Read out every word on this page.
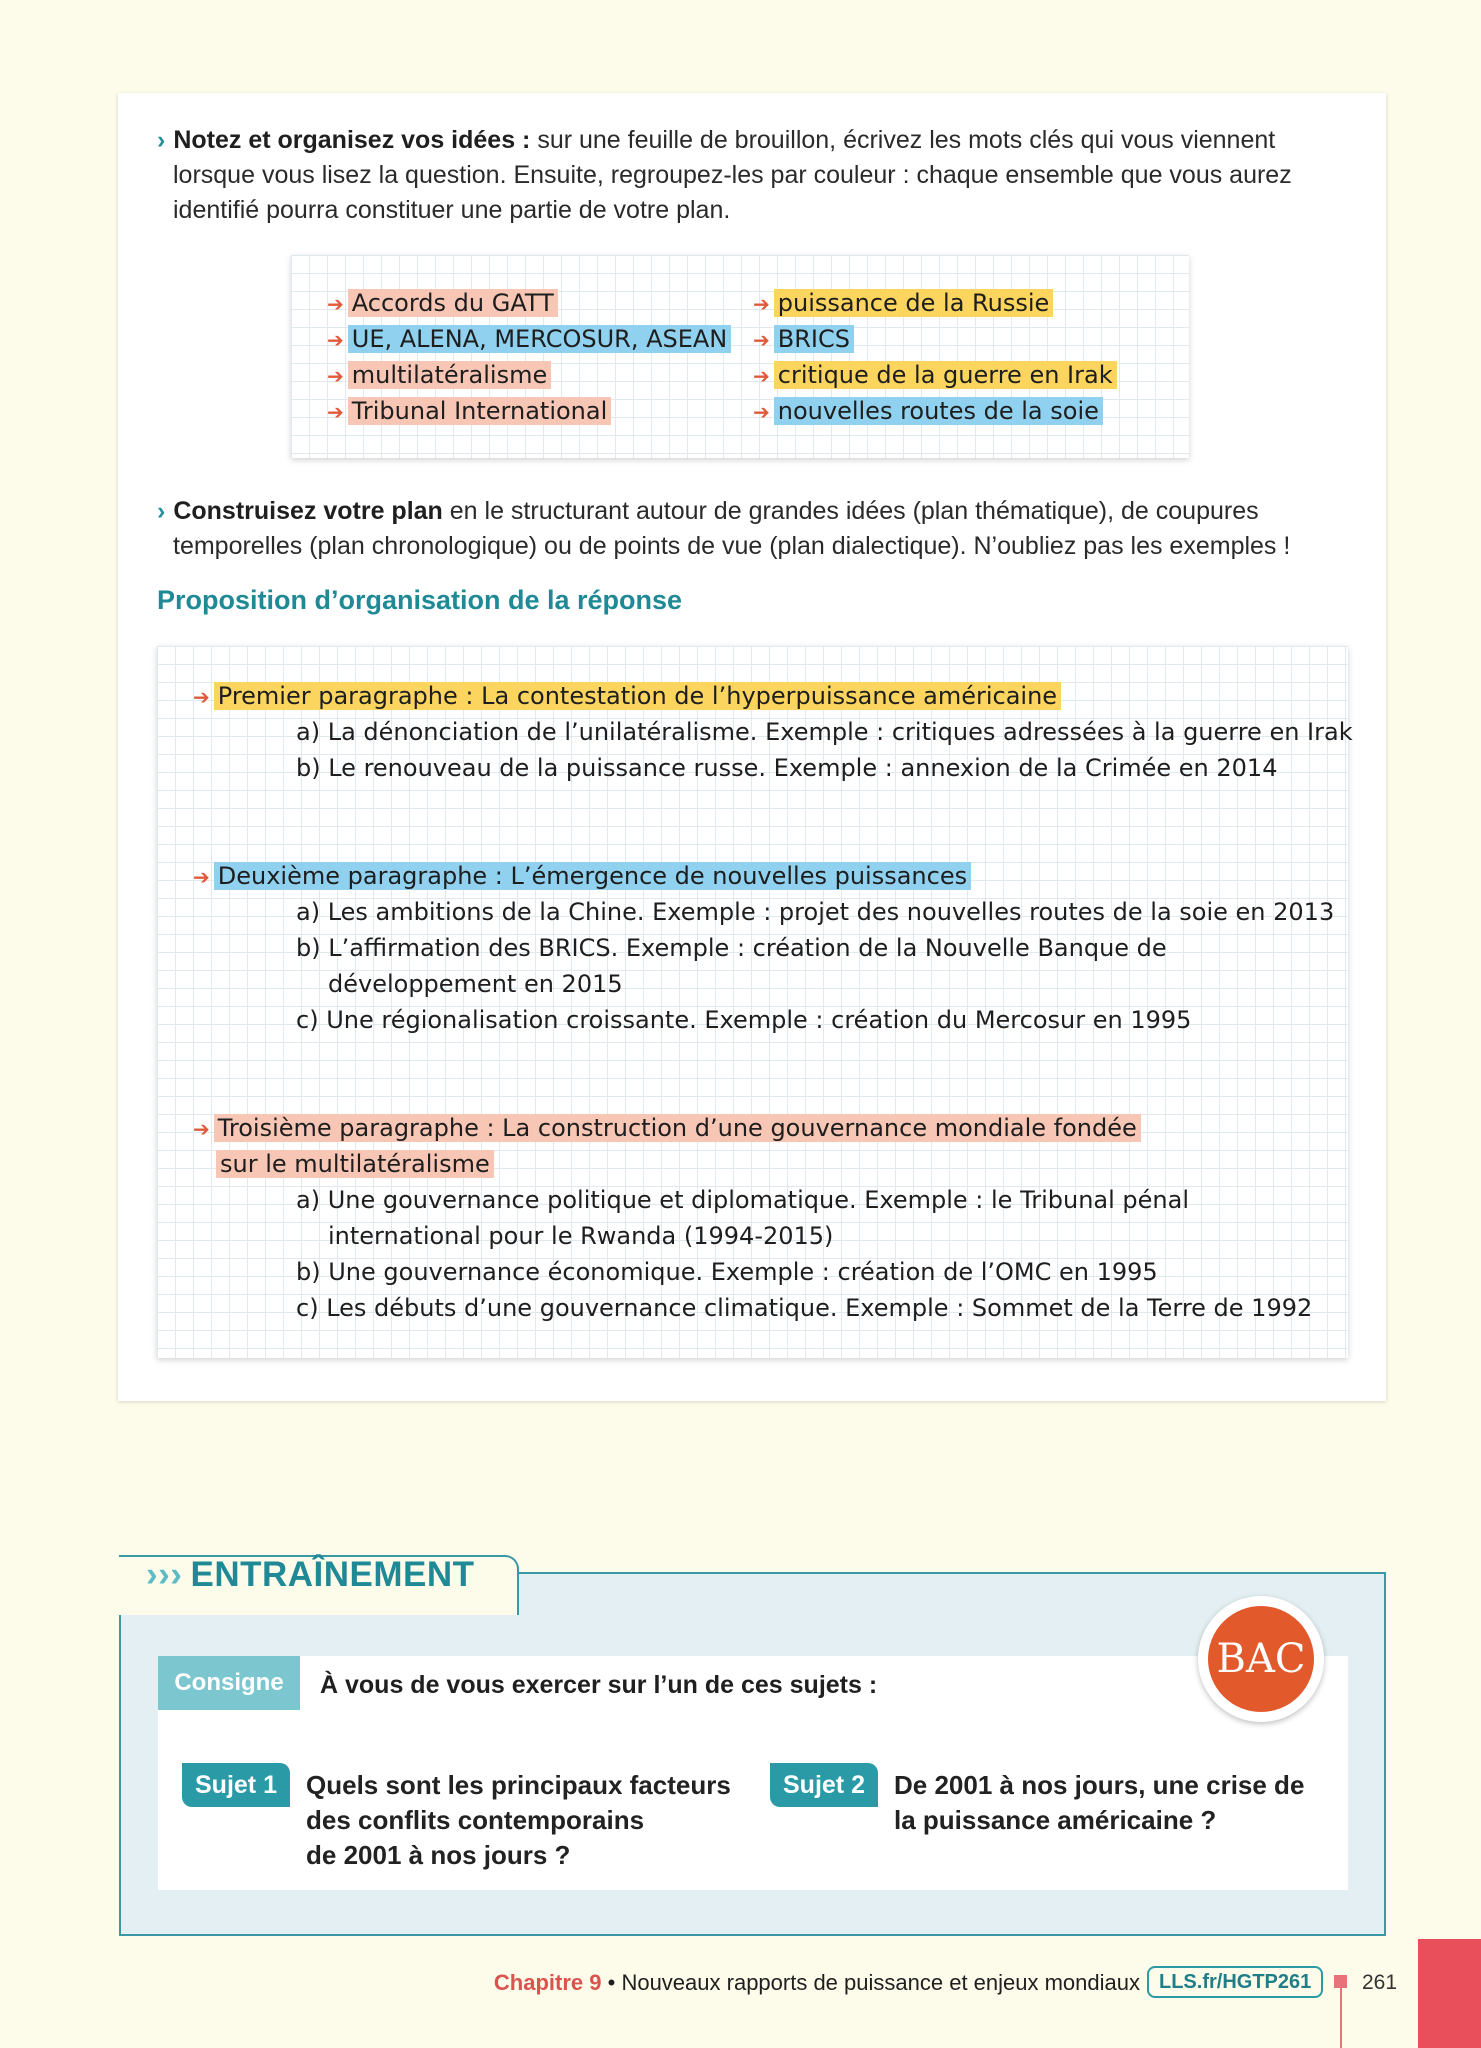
› Notez et organisez vos idées : sur une feuille de brouillon, écrivez les mots clés qui vous viennent
lorsque vous lisez la question. Ensuite, regroupez-les par couleur : chaque ensemble que vous aurez
identifié pourra constituer une partie de votre plan.
➔ Accords du GATT
➔ UE, ALENA, MERCOSUR, ASEAN
➔ multilatéralisme
➔ Tribunal International
➔ puissance de la Russie
➔ BRICS
➔ critique de la guerre en Irak
➔ nouvelles routes de la soie
› Construisez votre plan en le structurant autour de grandes idées (plan thématique), de coupures
temporelles (plan chronologique) ou de points de vue (plan dialectique). N’oubliez pas les exemples !
Proposition d’organisation de la réponse
➔ Premier paragraphe : La contestation de l’hyperpuissance américaine
a) La dénonciation de l’unilatéralisme. Exemple : critiques adressées à la guerre en Irak
b) Le renouveau de la puissance russe. Exemple : annexion de la Crimée en 2014
➔ Deuxième paragraphe : L’émergence de nouvelles puissances
a) Les ambitions de la Chine. Exemple : projet des nouvelles routes de la soie en 2013
b) L’affirmation des BRICS. Exemple : création de la Nouvelle Banque de
développement en 2015
c) Une régionalisation croissante. Exemple : création du Mercosur en 1995
➔ Troisième paragraphe : La construction d’une gouvernance mondiale fondée
sur le multilatéralisme
a) Une gouvernance politique et diplomatique. Exemple : le Tribunal pénal
international pour le Rwanda (1994-2015)
b) Une gouvernance économique. Exemple : création de l’OMC en 1995
c) Les débuts d’une gouvernance climatique. Exemple : Sommet de la Terre de 1992
››› ENTRAÎNEMENT
Consigne	À vous de vous exercer sur l’un de ces sujets :
Sujet 1	Quels sont les principaux facteurs
des conflits contemporains
de 2001 à nos jours ?
Sujet 2	De 2001 à nos jours, une crise de
la puissance américaine ?
BAC
Chapitre 9 • Nouveaux rapports de puissance et enjeux mondiaux LLS.fr/HGTP261	261
